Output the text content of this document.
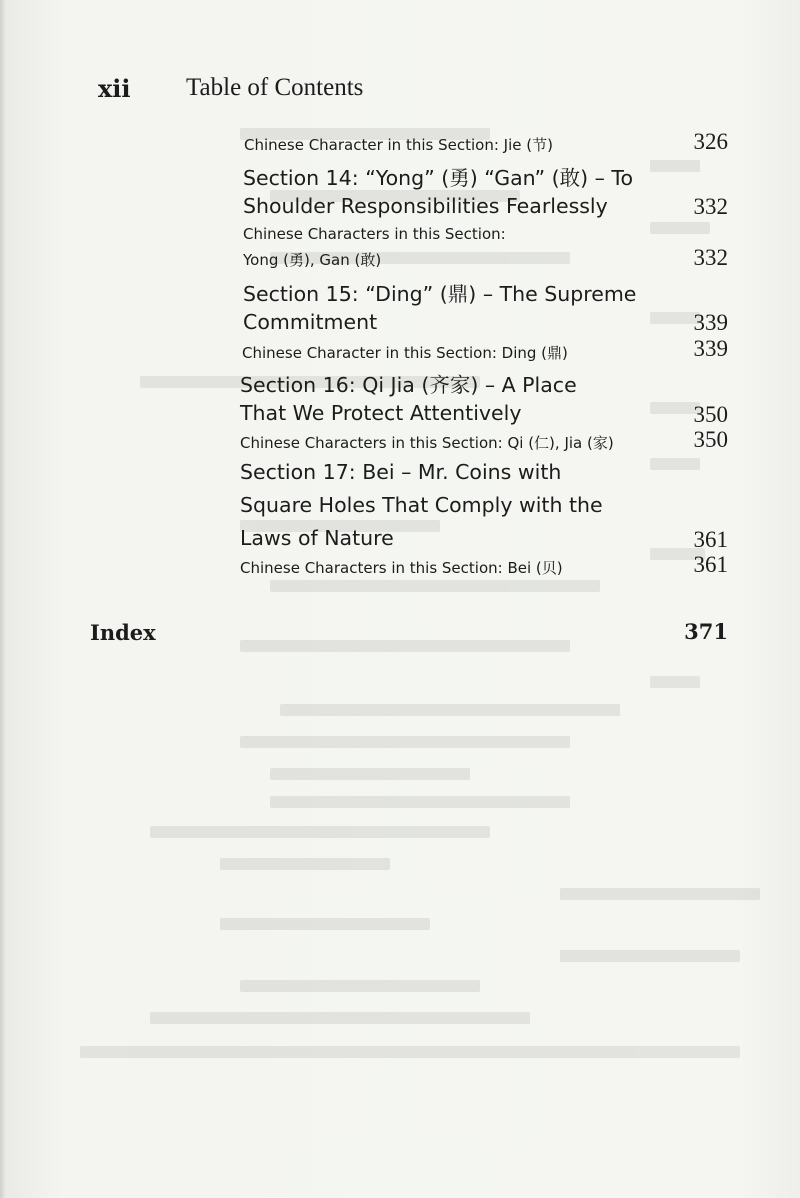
xii Table of Contents
Chinese Character in this Section: Jie (节)	326
Section 14: “Yong” (勇) “Gan” (敢) – To
Shoulder Responsibilities Fearlessly	332
Chinese Characters in this Section:
Yong (勇), Gan (敢)	332
Section 15: “Ding” (鼎) – The Supreme
Commitment	339
Chinese Character in this Section: Ding (鼎)	339
Section 16: Qi Jia (齐家) – A Place
That We Protect Attentively	350
Chinese Characters in this Section: Qi (仁), Jia (家)	350
Section 17: Bei – Mr. Coins with
Square Holes That Comply with the
Laws of Nature	361
Chinese Characters in this Section: Bei (贝)	361
Index	371
